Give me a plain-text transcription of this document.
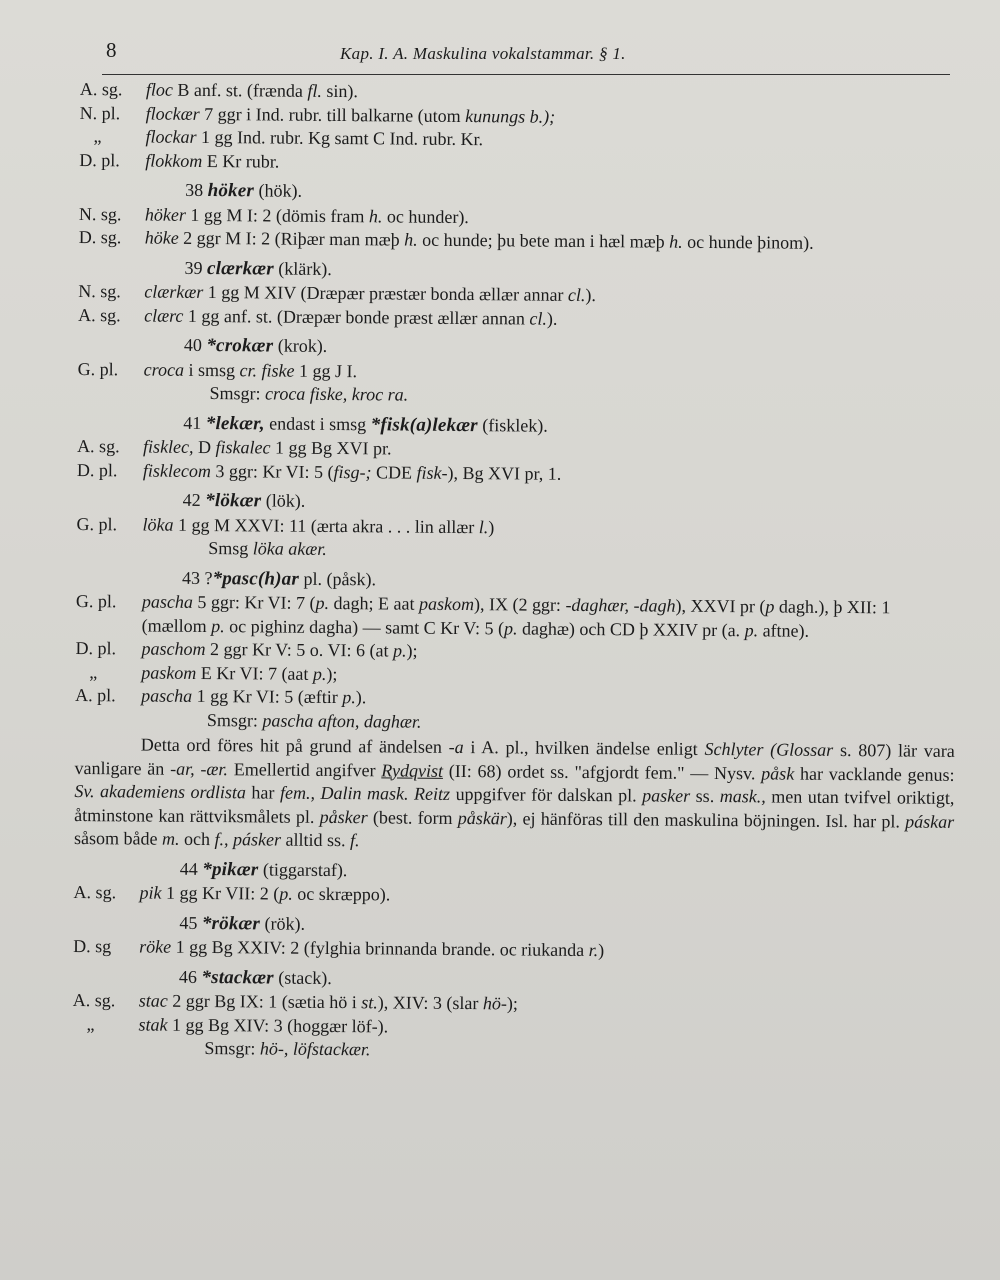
8	Kap. I. A. Maskulina vokalstammar. § 1.
A. sg.	floc B anf. st. (frænda fl. sin).
N. pl.	flockær 7 ggr i Ind. rubr. till balkarne (utom kunungs b.);
„	flockar 1 gg Ind. rubr. Kg samt C Ind. rubr. Kr.
D. pl.	flokkom E Kr rubr.
38 höker (hök).
N. sg.	höker 1 gg M I: 2 (dömis fram h. oc hunder).
D. sg.	höke 2 ggr M I: 2 (Riþær man mæþ h. oc hunde; þu bete man i hæl mæþ h. oc hunde þinom).
39 clærkær (klärk).
N. sg.	clærkær 1 gg M XIV (Dræpær præstær bonda ællær annar cl.).
A. sg.	clærc 1 gg anf. st. (Dræpær bonde præst ællær annan cl.).
40 *crokær (krok).
G. pl.	croca i smsg cr. fiske 1 gg J I.
Smsgr: croca fiske, kroc ra.
41 *lekær, endast i smsg *fisk(a)lekær (fisklek).
A. sg.	fisklec, D fiskalec 1 gg Bg XVI pr.
D. pl.	fisklecom 3 ggr: Kr VI: 5 (fisg-; CDE fisk-), Bg XVI pr, 1.
42 *lökær (lök).
G. pl.	löka 1 gg M XXVI: 11 (ærta akra . . . lin allær l.)
Smsg löka akær.
43 ?*pasc(h)ar pl. (påsk).
G. pl.	pascha 5 ggr: Kr VI: 7 (p. dagh; E aat paskom), IX (2 ggr: -daghær, -dagh), XXVI pr (p dagh.), þ XII: 1 (mællom p. oc pighinz dagha) — samt C Kr V: 5 (p. daghæ) och CD þ XXIV pr (a. p. aftne).
D. pl.	paschom 2 ggr Kr V: 5 o. VI: 6 (at p.);
„	paskom E Kr VI: 7 (aat p.);
A. pl.	pascha 1 gg Kr VI: 5 (æftir p.).
Smsgr: pascha afton, daghær.
Detta ord föres hit på grund af ändelsen -a i A. pl., hvilken ändelse enligt Schlyter (Glossar s. 807) lär vara vanligare än -ar, -ær. Emellertid angifver Rydqvist (II: 68) ordet ss. "afgjordt fem." — Nysv. påsk har vacklande genus: Sv. akademiens ordlista har fem., Dalin mask. Reitz uppgifver för dalskan pl. pasker ss. mask., men utan tvifvel oriktigt, åtminstone kan rättviksmålets pl. påsker (best. form påskär), ej hänföras till den maskulina böjningen. Isl. har pl. páskar såsom både m. och f., pásker alltid ss. f.
44 *pikær (tiggarstaf).
A. sg.	pik 1 gg Kr VII: 2 (p. oc skræppo).
45 *rökær (rök).
D. sg	röke 1 gg Bg XXIV: 2 (fylghia brinnanda brande. oc riukanda r.)
46 *stackær (stack).
A. sg.	stac 2 ggr Bg IX: 1 (sætia hö i st.), XIV: 3 (slar hö-);
„	stak 1 gg Bg XIV: 3 (hoggær löf-).
Smsgr: hö-, löfstackær.
